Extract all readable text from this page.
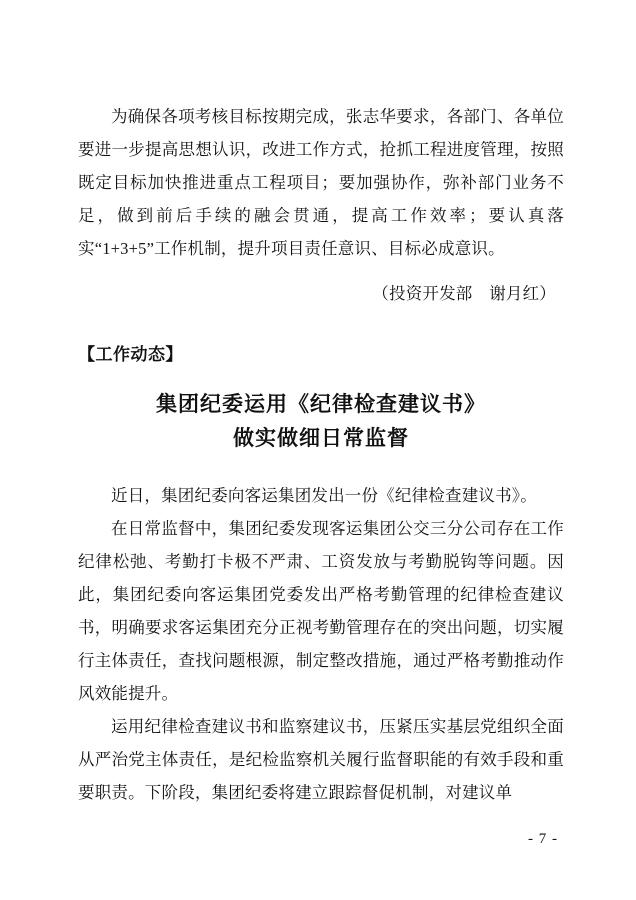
为确保各项考核目标按期完成，张志华要求，各部门、各单位要进一步提高思想认识，改进工作方式，抢抓工程进度管理，按照既定目标加快推进重点工程项目；要加强协作，弥补部门业务不足，做到前后手续的融会贯通，提高工作效率；要认真落实“1+3+5”工作机制，提升项目责任意识、目标必成意识。

（投资开发部　谢月红）

【工作动态】

集团纪委运用《纪律检查建议书》
做实做细日常监督

近日，集团纪委向客运集团发出一份《纪律检查建议书》。

在日常监督中，集团纪委发现客运集团公交三分公司存在工作纪律松弛、考勤打卡极不严肃、工资发放与考勤脱钩等问题。因此，集团纪委向客运集团党委发出严格考勤管理的纪律检查建议书，明确要求客运集团充分正视考勤管理存在的突出问题，切实履行主体责任，查找问题根源，制定整改措施，通过严格考勤推动作风效能提升。

运用纪律检查建议书和监察建议书，压紧压实基层党组织全面从严治党主体责任，是纪检监察机关履行监督职能的有效手段和重要职责。下阶段，集团纪委将建立跟踪督促机制，对建议单

- 7 -
